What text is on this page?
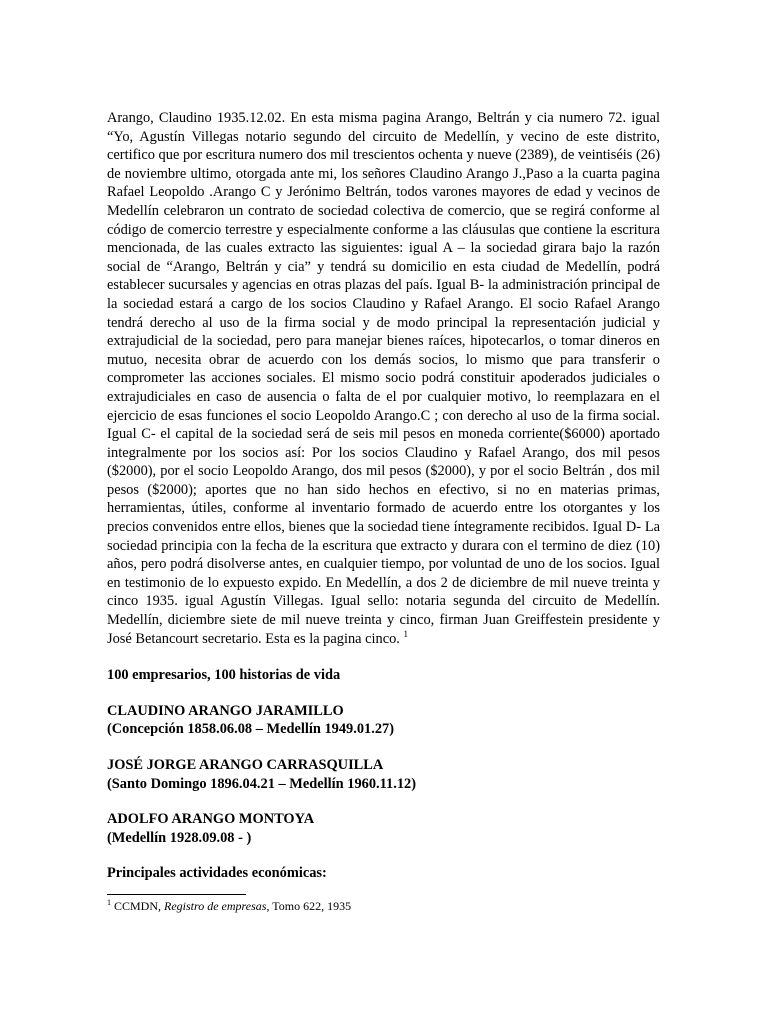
Arango, Claudino 1935.12.02. En esta misma pagina Arango, Beltrán y cia numero 72. igual “Yo, Agustín Villegas notario segundo del circuito de Medellín, y vecino de este distrito, certifico que por escritura numero dos mil trescientos ochenta y nueve (2389), de veintiséis (26) de noviembre ultimo, otorgada ante mi, los señores Claudino Arango J.,Paso a la cuarta pagina Rafael Leopoldo .Arango C y Jerónimo Beltrán, todos varones mayores de edad y vecinos de Medellín celebraron un contrato de sociedad colectiva de comercio, que se regirá conforme al código de comercio terrestre y especialmente conforme a las cláusulas que contiene la escritura mencionada, de las cuales extracto las siguientes: igual A – la sociedad girara bajo la razón social de “Arango, Beltrán y cia” y tendrá su domicilio en esta ciudad de Medellín, podrá establecer sucursales y agencias en otras plazas del país. Igual B- la administración principal de la sociedad estará a cargo de los socios Claudino y Rafael Arango. El socio Rafael Arango tendrá derecho al uso de la firma social y de modo principal la representación judicial y extrajudicial de la sociedad, pero para manejar bienes raíces, hipotecarlos, o tomar dineros en mutuo, necesita obrar de acuerdo con los demás socios, lo mismo que para transferir o comprometer las acciones sociales. El mismo socio podrá constituir apoderados judiciales o extrajudiciales en caso de ausencia o falta de el por cualquier motivo, lo reemplazara en el ejercicio de esas funciones el socio Leopoldo Arango.C ; con derecho al uso de la firma social. Igual C- el capital de la sociedad será de seis mil pesos en moneda corriente($6000) aportado integralmente por los socios así: Por los socios Claudino y Rafael Arango, dos mil pesos ($2000), por el socio Leopoldo Arango, dos mil pesos ($2000), y por el socio Beltrán , dos mil pesos ($2000); aportes que no han sido hechos en efectivo, si no en materias primas, herramientas, útiles, conforme al inventario formado de acuerdo entre los otorgantes y los precios convenidos entre ellos, bienes que la sociedad tiene íntegramente recibidos. Igual D- La sociedad principia con la fecha de la escritura que extracto y durara con el termino de diez (10) años, pero podrá disolverse antes, en cualquier tiempo, por voluntad de uno de los socios. Igual en testimonio de lo expuesto expido. En Medellín, a dos 2 de diciembre de mil nueve treinta y cinco 1935. igual Agustín Villegas. Igual sello: notaria segunda del circuito de Medellín. Medellín, diciembre siete de mil nueve treinta y cinco, firman Juan Greiffestein presidente y José Betancourt secretario. Esta es la pagina cinco. $^1$

100 empresarios, 100 historias de vida

CLAUDINO ARANGO JARAMILLO

(Concepción 1858.06.08 – Medellín 1949.01.27)

JOSÉ JORGE ARANGO CARRASQUILLA

(Santo Domingo 1896.04.21 – Medellín 1960.11.12)

ADOLFO ARANGO MONTOYA

(Medellín 1928.09.08 - )

Principales actividades económicas:

$^1$ CCMDN, Registro de empresas, Tomo 622, 1935
